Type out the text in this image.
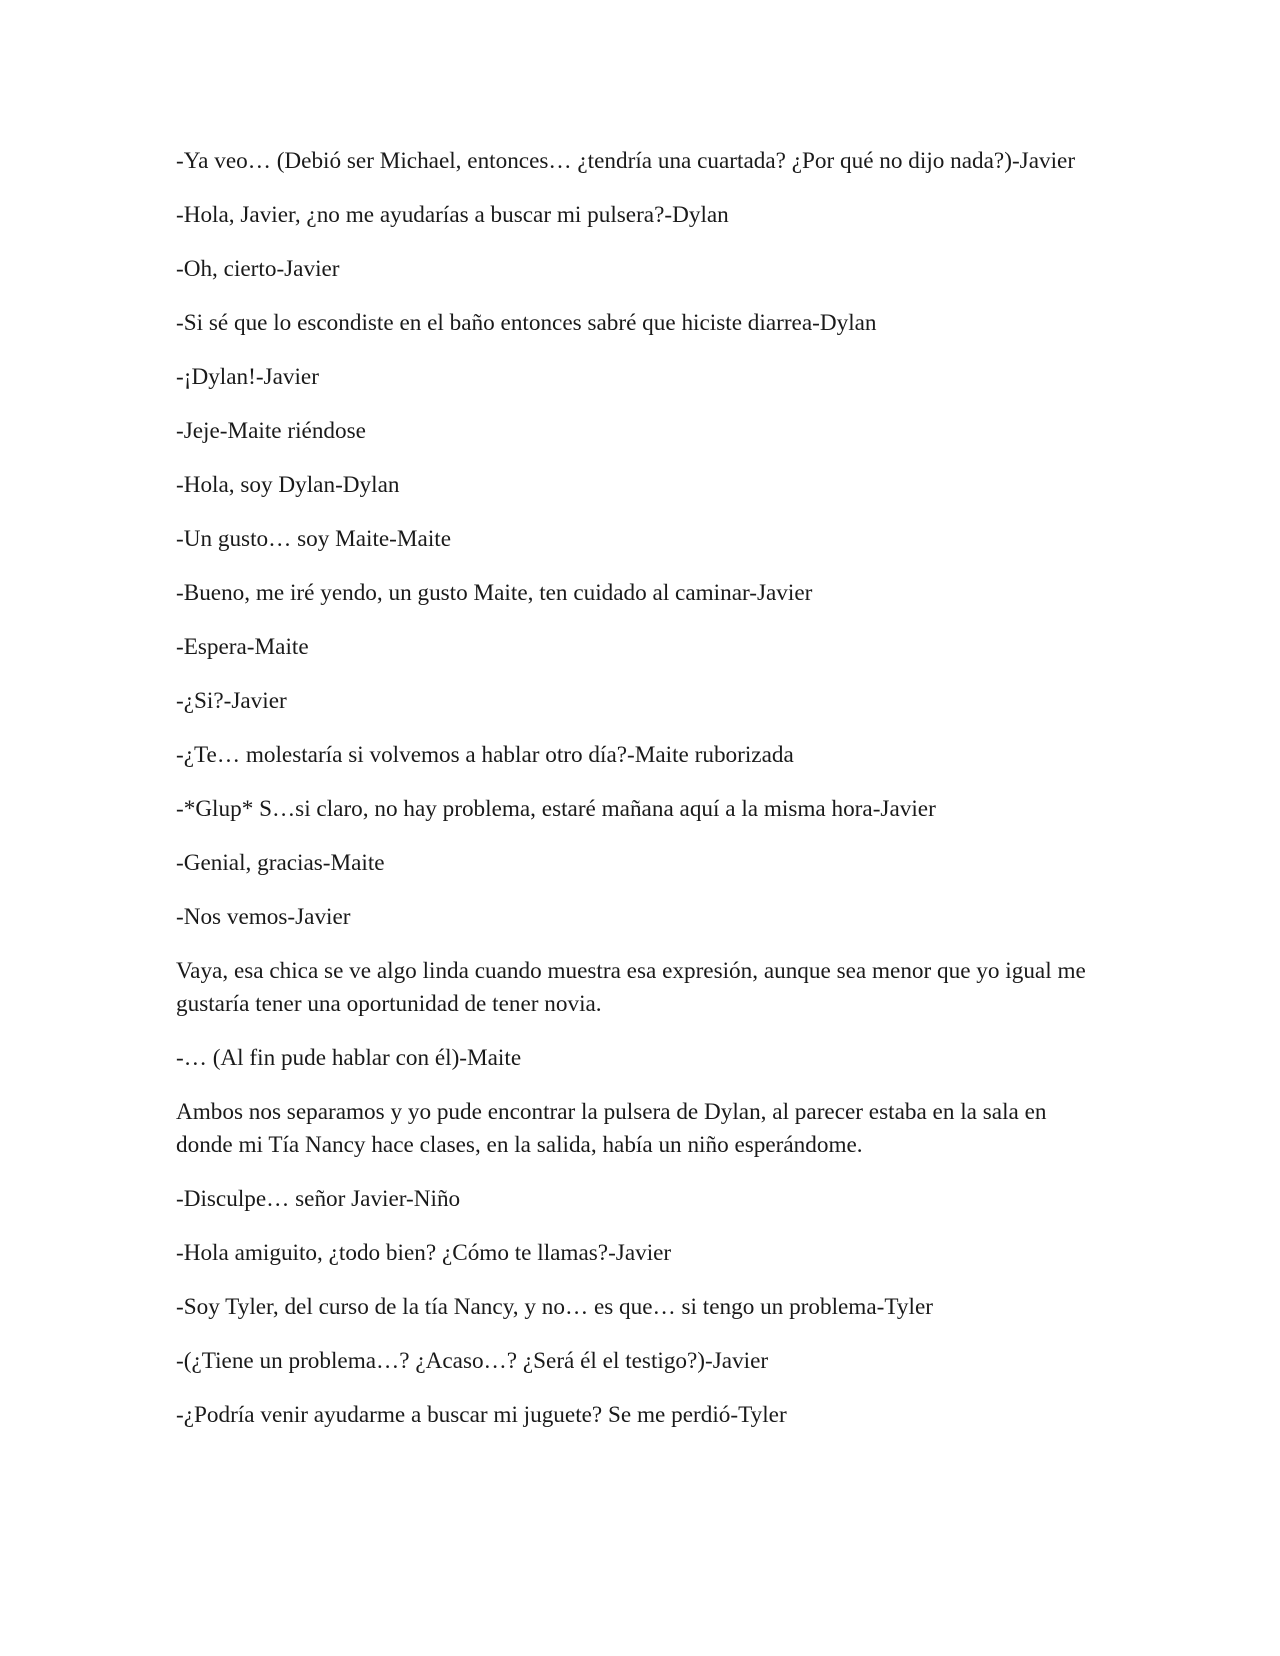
-Ya veo… (Debió ser Michael, entonces… ¿tendría una cuartada? ¿Por qué no dijo nada?)-Javier

-Hola, Javier, ¿no me ayudarías a buscar mi pulsera?-Dylan

-Oh, cierto-Javier

-Si sé que lo escondiste en el baño entonces sabré que hiciste diarrea-Dylan

-¡Dylan!-Javier

-Jeje-Maite riéndose

-Hola, soy Dylan-Dylan

-Un gusto… soy Maite-Maite

-Bueno, me iré yendo, un gusto Maite, ten cuidado al caminar-Javier

-Espera-Maite

-¿Si?-Javier

-¿Te… molestaría si volvemos a hablar otro día?-Maite ruborizada

-*Glup* S…si claro, no hay problema, estaré mañana aquí a la misma hora-Javier

-Genial, gracias-Maite

-Nos vemos-Javier

Vaya, esa chica se ve algo linda cuando muestra esa expresión, aunque sea menor que yo igual me gustaría tener una oportunidad de tener novia.

-… (Al fin pude hablar con él)-Maite

Ambos nos separamos y yo pude encontrar la pulsera de Dylan, al parecer estaba en la sala en donde mi Tía Nancy hace clases, en la salida, había un niño esperándome.

-Disculpe… señor Javier-Niño

-Hola amiguito, ¿todo bien? ¿Cómo te llamas?-Javier

-Soy Tyler, del curso de la tía Nancy, y no… es que… si tengo un problema-Tyler

-(¿Tiene un problema…? ¿Acaso…? ¿Será él el testigo?)-Javier

-¿Podría venir ayudarme a buscar mi juguete? Se me perdió-Tyler
